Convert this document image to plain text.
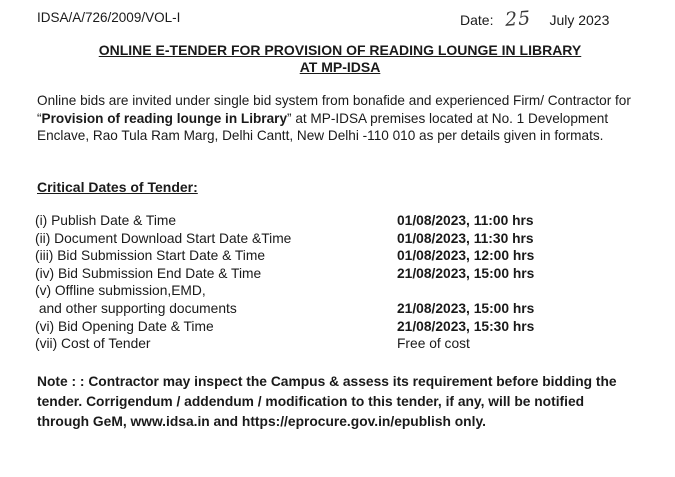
IDSA/A/726/2009/VOL-I	Date: 25 July 2023
ONLINE E-TENDER FOR PROVISION OF READING LOUNGE IN LIBRARY
AT MP-IDSA
Online bids are invited under single bid system from bonafide and experienced Firm/ Contractor for “Provision of reading lounge in Library” at MP-IDSA premises located at No. 1 Development Enclave, Rao Tula Ram Marg, Delhi Cantt, New Delhi -110 010 as per details given in formats.
Critical Dates of Tender:
(i) Publish Date & Time	01/08/2023, 11:00 hrs
(ii) Document Download Start Date &Time	01/08/2023, 11:30 hrs
(iii) Bid Submission Start Date & Time	01/08/2023, 12:00 hrs
(iv) Bid Submission End Date & Time	21/08/2023, 15:00 hrs
(v) Offline submission,EMD,
and other supporting documents	21/08/2023, 15:00 hrs
(vi) Bid Opening Date & Time	21/08/2023, 15:30 hrs
(vii) Cost of Tender	Free of cost
Note : : Contractor may inspect the Campus & assess its requirement before bidding the tender. Corrigendum / addendum / modification to this tender, if any, will be notified through GeM, www.idsa.in and https://eprocure.gov.in/epublish only.
